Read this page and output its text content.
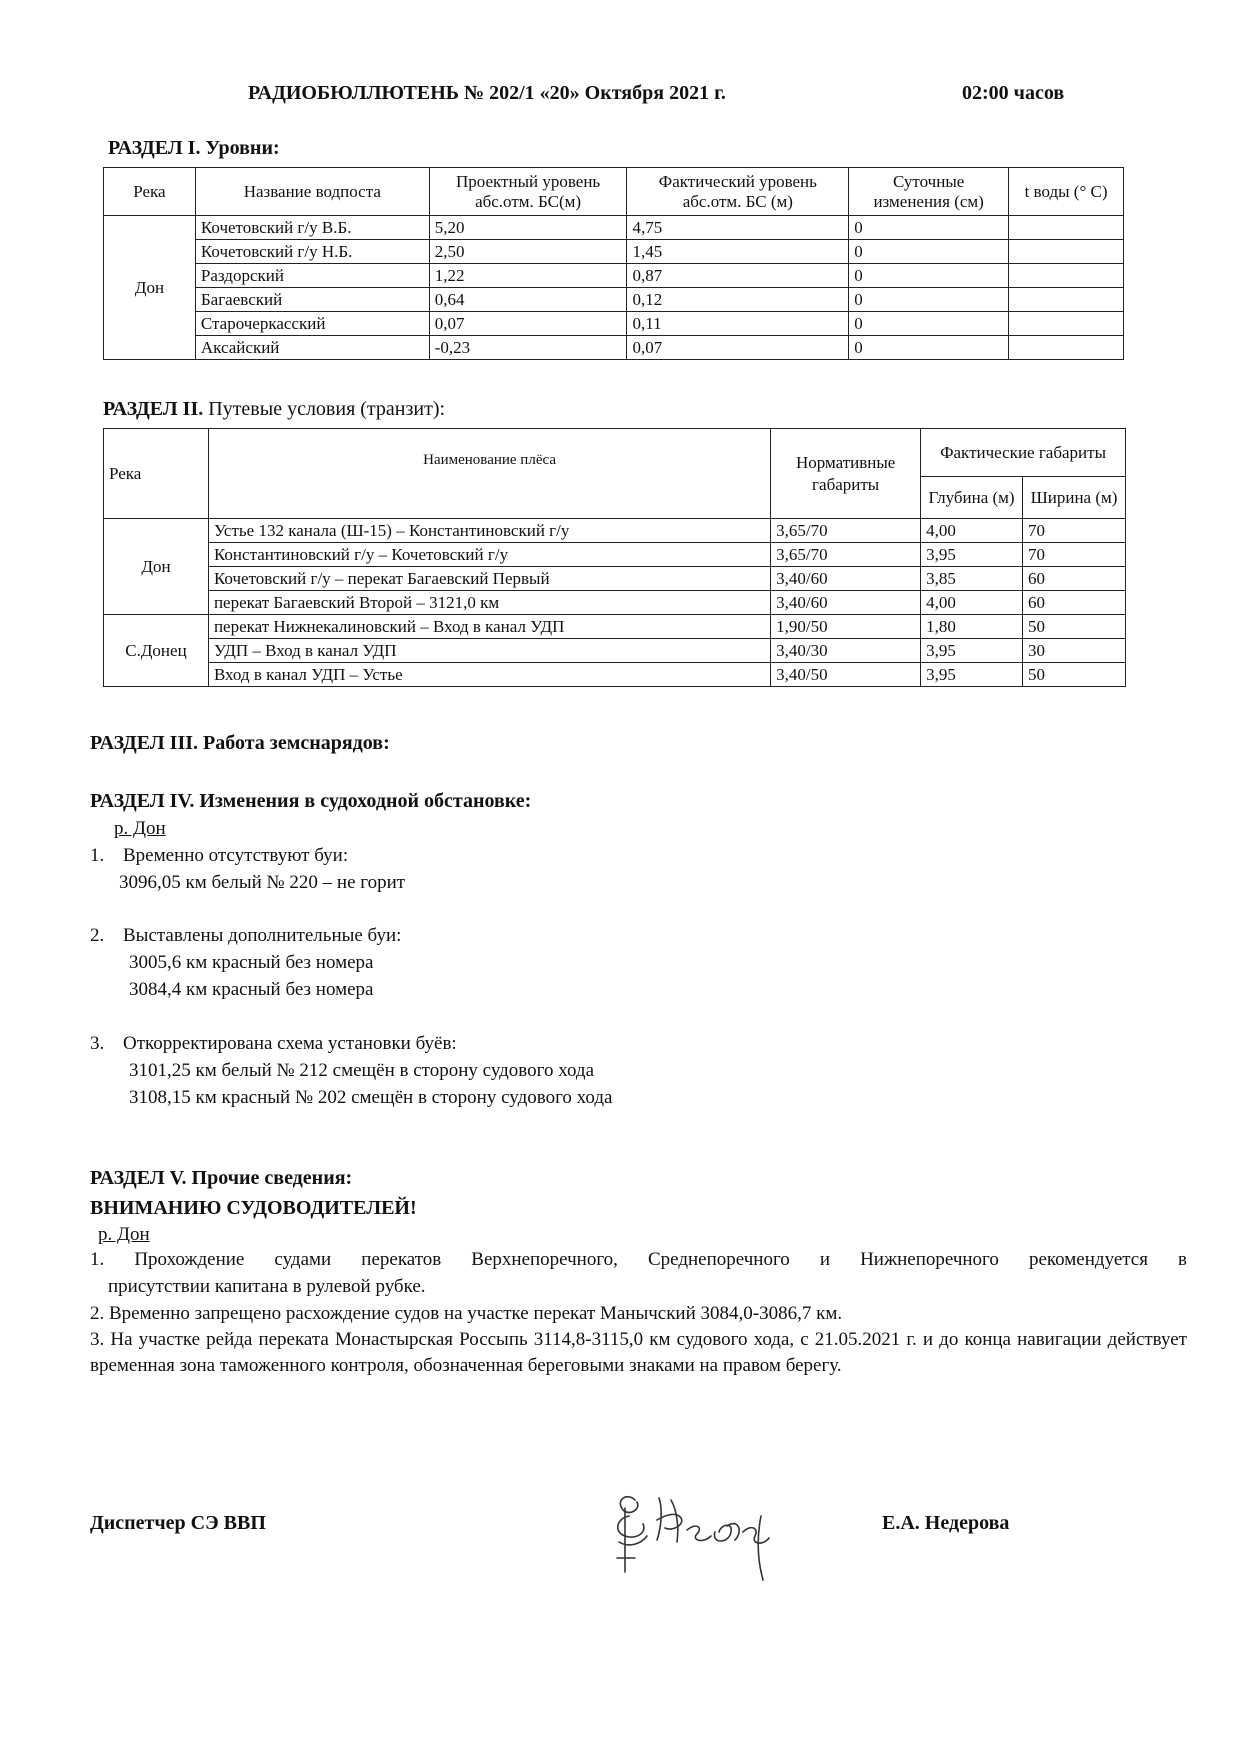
РАДИОБЮЛЛЮТЕНЬ № 202/1 «20» Октября 2021 г.	02:00 часов
РАЗДЕЛ I. Уровни:
Река	Название водпоста	Проектный уровень абс.отм. БС(м)	Фактический уровень абс.отм. БС (м)	Суточные изменения (см)	t воды (° С)
Дон	Кочетовский г/у В.Б.	5,20	4,75	0	
	Кочетовский г/у Н.Б.	2,50	1,45	0	
	Раздорский	1,22	0,87	0	
	Багаевский	0,64	0,12	0	
	Старочеркасский	0,07	0,11	0	
	Аксайский	-0,23	0,07	0	
РАЗДЕЛ II. Путевые условия (транзит):
Река	Наименование плёса	Нормативные габариты	Фактические габариты	
			Глубина (м)	Ширина (м)
Дон	Устье 132 канала (Ш-15) – Константиновский г/у	3,65/70	4,00	70
	Константиновский г/у – Кочетовский г/у	3,65/70	3,95	70
	Кочетовский г/у – перекат Багаевский Первый	3,40/60	3,85	60
	перекат Багаевский Второй – 3121,0 км	3,40/60	4,00	60
С.Донец	перекат Нижнекалиновский – Вход в канал УДП	1,90/50	1,80	50
	УДП – Вход в канал УДП	3,40/30	3,95	30
	Вход в канал УДП – Устье	3,40/50	3,95	50
РАЗДЕЛ III. Работа земснарядов:
РАЗДЕЛ IV. Изменения в судоходной обстановке:
р. Дон
1. Временно отсутствуют буи:
3096,05 км белый № 220 – не горит
2. Выставлены дополнительные буи:
3005,6 км красный без номера
3084,4 км красный без номера
3. Откорректирована схема установки буёв:
3101,25 км белый № 212 смещён в сторону судового хода
3108,15 км красный № 202 смещён в сторону судового хода
РАЗДЕЛ V. Прочие сведения:
ВНИМАНИЮ СУДОВОДИТЕЛЕЙ!
р. Дон
1. Прохождение судами перекатов Верхнепоречного, Среднепоречного и Нижнепоречного рекомендуется в
присутствии капитана в рулевой рубке.
2. Временно запрещено расхождение судов на участке перекат Манычский 3084,0-3086,7 км.
3. На участке рейда переката Монастырская Россыпь 3114,8-3115,0 км судового хода, с 21.05.2021 г. и до конца навигации действует временная зона таможенного контроля, обозначенная береговыми знаками на правом берегу.
Диспетчер СЭ ВВП	Е.А. Недерова
